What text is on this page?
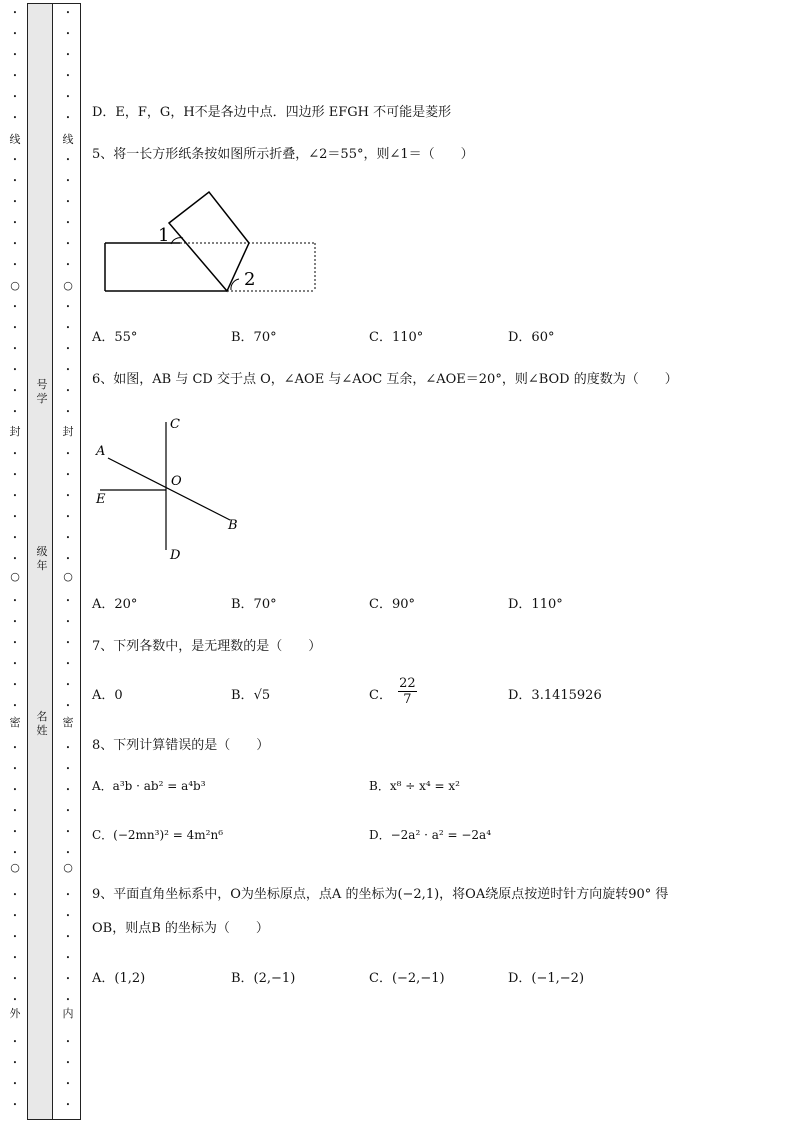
•
•
•
•
•
•
•
•
•
•
•
•
•
•
•
•
•
•
•
•
•
•
•
•
•
•
•
•
•
•
•
•
•
•
•
•
•
•
•
•
•
•
•
•
•
•
•
•
•
•
•
•
•
•
•
•
•
•
•
•
•
•
•
•
•
•
•
•
•
•
•
•
•
•
•
•
•
•
•
•
•
•
•
•
•
•
•
•
•
•
•
•
线
○
封
○
密
○
外
线
○
封
○
密
○
内
号学
级年
名姓
D．E，F，G，H不是各边中点．四边形 EFGH 不可能是菱形
5、将一长方形纸条按如图所示折叠，∠2＝55°，则∠1＝（　　）
1
2
A．55°	B．70°	C．110°	D．60°
6、如图，AB 与 CD 交于点 O，∠AOE 与∠AOC 互余，∠AOE＝20°，则∠BOD 的度数为（　　）
C
A
O
E
B
D
A．20°	B．70°	C．90°	D．110°
7、下列各数中，是无理数的是（　　）
A．0	B．√5	C． $\frac{22}{7}$	D．3.1415926
8、下列计算错误的是（　　）
A．a³b · ab² = a⁴b³	B．x⁸ ÷ x⁴ = x²
C．(−2mn³)² = 4m²n⁶	D．−2a² · a² = −2a⁴
9、平面直角坐标系中，O为坐标原点，点A 的坐标为(−2,1)，将OA绕原点按逆时针方向旋转90° 得
OB，则点B 的坐标为（　　）
A．(1,2)	B．(2,−1)	C．(−2,−1)	D．(−1,−2)
